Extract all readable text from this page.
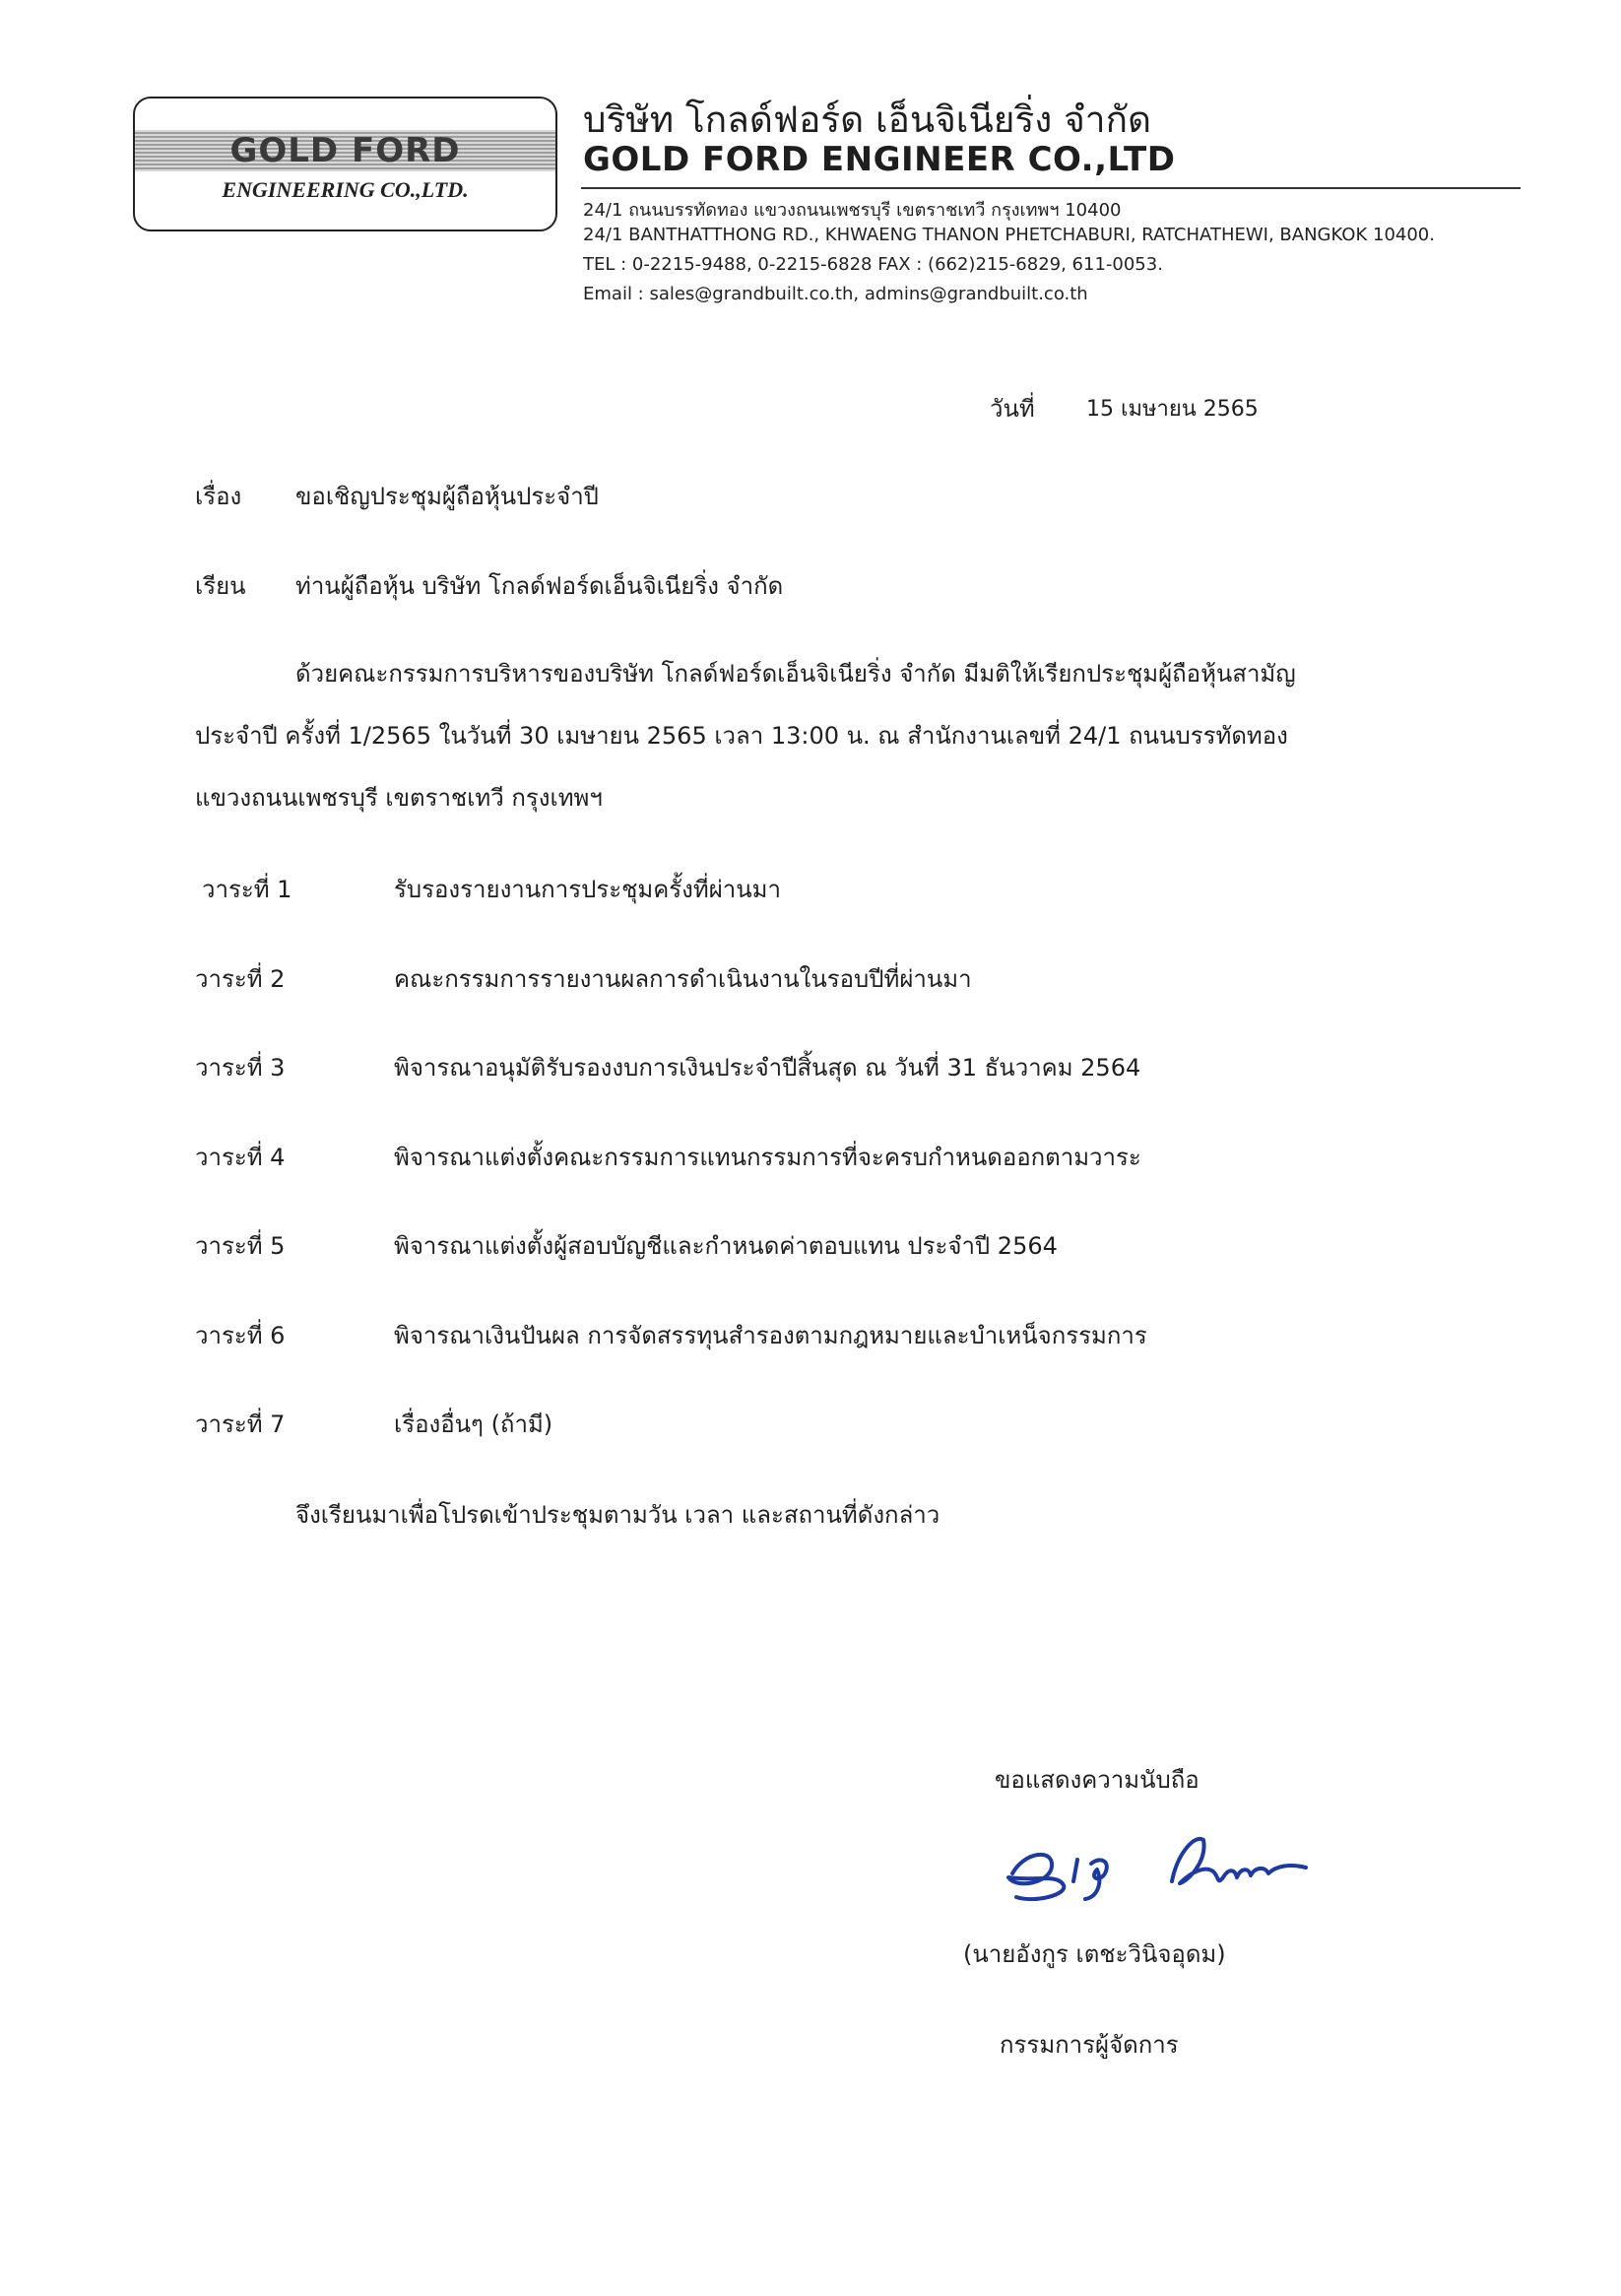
GOLD FORD
ENGINEERING CO.,LTD.
บริษัท โกลด์ฟอร์ด เอ็นจิเนียริ่ง จำกัด
GOLD FORD ENGINEER CO.,LTD
24/1 ถนนบรรทัดทอง แขวงถนนเพชรบุรี เขตราชเทวี กรุงเทพฯ 10400
24/1 BANTHATTHONG RD., KHWAENG THANON PHETCHABURI, RATCHATHEWI, BANGKOK 10400.
TEL : 0-2215-9488, 0-2215-6828 FAX : (662)215-6829, 611-0053.
Email : sales@grandbuilt.co.th, admins@grandbuilt.co.th
วันที่ 15 เมษายน 2565
เรื่อง ขอเชิญประชุมผู้ถือหุ้นประจำปี
เรียน ท่านผู้ถือหุ้น บริษัท โกลด์ฟอร์ดเอ็นจิเนียริ่ง จำกัด
ด้วยคณะกรรมการบริหารของบริษัท โกลด์ฟอร์ดเอ็นจิเนียริ่ง จำกัด มีมติให้เรียกประชุมผู้ถือหุ้นสามัญ
ประจำปี ครั้งที่ 1/2565 ในวันที่ 30 เมษายน 2565 เวลา 13:00 น. ณ สำนักงานเลขที่ 24/1 ถนนบรรทัดทอง
แขวงถนนเพชรบุรี เขตราชเทวี กรุงเทพฯ
วาระที่ 1	รับรองรายงานการประชุมครั้งที่ผ่านมา
วาระที่ 2	คณะกรรมการรายงานผลการดำเนินงานในรอบปีที่ผ่านมา
วาระที่ 3	พิจารณาอนุมัติรับรองงบการเงินประจำปีสิ้นสุด ณ วันที่ 31 ธันวาคม 2564
วาระที่ 4	พิจารณาแต่งตั้งคณะกรรมการแทนกรรมการที่จะครบกำหนดออกตามวาระ
วาระที่ 5	พิจารณาแต่งตั้งผู้สอบบัญชีและกำหนดค่าตอบแทน ประจำปี 2564
วาระที่ 6	พิจารณาเงินปันผล การจัดสรรทุนสำรองตามกฎหมายและบำเหน็จกรรมการ
วาระที่ 7	เรื่องอื่นๆ (ถ้ามี)
จึงเรียนมาเพื่อโปรดเข้าประชุมตามวัน เวลา และสถานที่ดังกล่าว
ขอแสดงความนับถือ
(นายอังกูร เตชะวินิจอุดม)
กรรมการผู้จัดการ
